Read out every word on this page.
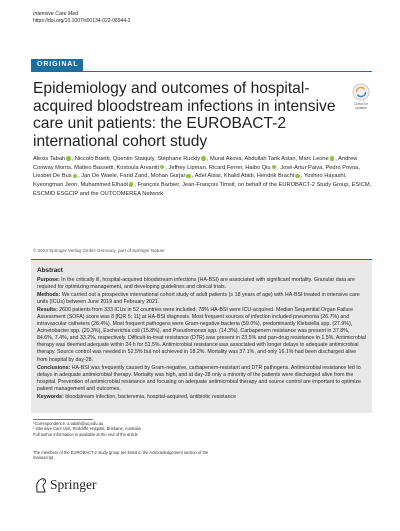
Intensive Care Med
https://doi.org/10.1007/s00134-022-06944-2
ORIGINAL
Epidemiology and outcomes of hospital-acquired bloodstream infections in intensive care unit patients: the EUROBACT-2 international cohort study
Check for updates
Alexis Tabah , Niccolò Buetti, Quentin Staiquly, Stéphane Ruckly , Murat Akova, Abdullah Tarik Aslan, Marc Leone , Andrew Conway Morris, Matteo Bassetti, Kostoula Arvaniti , Jeffrey Lipman, Ricard Ferrer, Haibo Qiu , José-Artur Paiva, Pedro Povoa, Liesbet De Bus , Jan De Waele, Farid Zand, Mohan Gurjar , Adel Alsisi, Khalid Abidi, Hendrik Bracht , Yoshiro Hayashi, Kyeongman Jeon, Muhammed Elhadi , François Barbier, Jean-François Timsit, on behalf of the EUROBACT-2 Study Group, ESICM, ESCMID ESGCIP and the OUTCOMEREA Network
© 2023 Springer-Verlag GmbH Germany, part of Springer Nature
Abstract
Purpose: In the critically ill, hospital-acquired bloodstream infections (HA-BSI) are associated with significant mortality. Granular data are required for optimizing management, and developing guidelines and clinical trials.
Methods: We carried out a prospective international cohort study of adult patients (≥ 18 years of age) with HA-BSI treated in intensive care units (ICUs) between June 2019 and February 2021.
Results: 2600 patients from 333 ICUs in 52 countries were included. 78% HA-BSI were ICU-acquired. Median Sequential Organ Failure Assessment (SOFA) score was 8 [IQR 5; 11] at HA-BSI diagnosis. Most frequent sources of infection included pneumonia (26.7%) and intravascular catheters (26.4%). Most frequent pathogens were Gram-negative bacteria (59.0%), predominantly Klebsiella spp. (27.9%), Acinetobacter spp. (20.3%), Escherichia coli (15.8%), and Pseudomonas spp. (14.3%). Carbapenem resistance was present in 37.8%, 84.6%, 7.4%, and 33.2%, respectively. Difficult-to-treat resistance (DTR) was present in 23.5% and pan-drug resistance in 1.5%. Antimicrobial therapy was deemed adequate within 24 h for 51.5%. Antimicrobial resistance was associated with longer delays to adequate antimicrobial therapy. Source control was needed in 52.5% but not achieved in 18.2%. Mortality was 37.1%, and only 16.1% had been discharged alive from hospital by day-28.
Conclusions: HA-BSI was frequently caused by Gram-negative, carbapenem-resistant and DTR pathogens. Antimicrobial resistance led to delays in adequate antimicrobial therapy. Mortality was high, and at day-28 only a minority of the patients were discharged alive from the hospital. Prevention of antimicrobial resistance and focusing on adequate antimicrobial therapy and source control are important to optimize patient management and outcomes.
Keywords: bloodstream infection, bacteremia, hospital-acquired, antibiotic resistance
*Correspondence: a.tabah@uq.edu.au
¹ Intensive Care Unit, Redcliffe Hospital, Brisbane, Australia
Full author information is available at the end of the article
The members of the EUROBACT-2 study group are listed in the Acknowledgement section of the manuscript.
Springer
